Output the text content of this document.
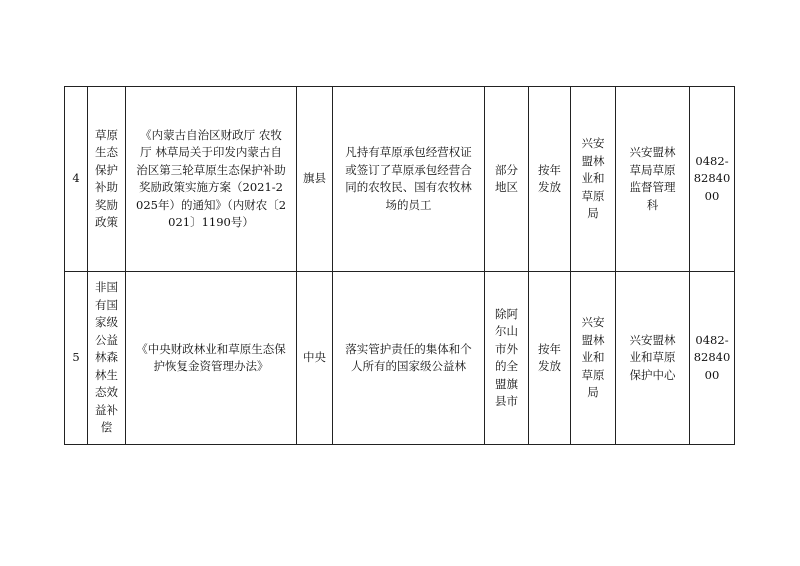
4	草原生态保护补助奖励政策	《内蒙古自治区财政厅 农牧厅 林草局关于印发内蒙古自治区第三轮草原生态保护补助奖励政策实施方案（2021-2025年）的通知》（内财农〔2021〕1190号）	旗县	凡持有草原承包经营权证或签订了草原承包经营合同的农牧民、国有农牧林场的员工	部分地区	按年发放	兴安盟林业和草原局	兴安盟林草局草原监督管理科	0482-8284000

5	非国有国家级公益林森林生态效益补偿	《中央财政林业和草原生态保护恢复金资管理办法》	中央	落实管护责任的集体和个人所有的国家级公益林	除阿尔山市外的全盟旗县市	按年发放	兴安盟林业和草原局	兴安盟林业和草原保护中心	0482-8284000
